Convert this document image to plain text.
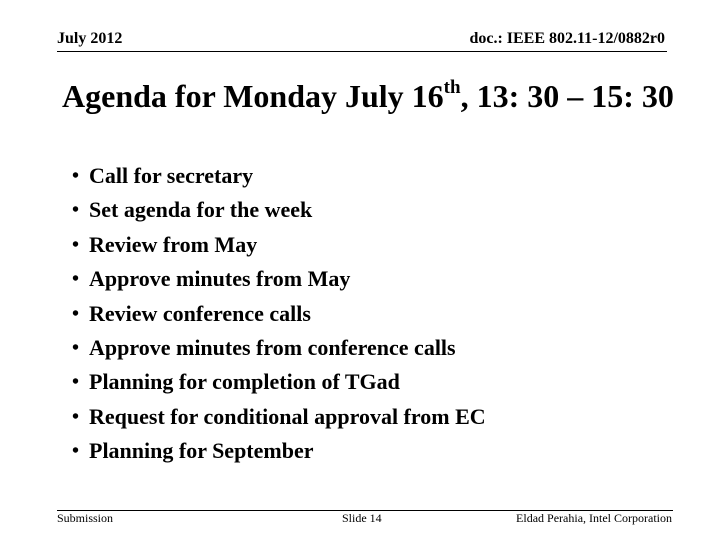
July 2012	doc.: IEEE 802.11-12/0882r0
Agenda for Monday July 16th, 13: 30 – 15: 30
• Call for secretary
• Set agenda for the week
• Review from May
• Approve minutes from May
• Review conference calls
• Approve minutes from conference calls
• Planning for completion of TGad
• Request for conditional approval from EC
• Planning for September
Submission	Slide 14	Eldad Perahia, Intel Corporation
